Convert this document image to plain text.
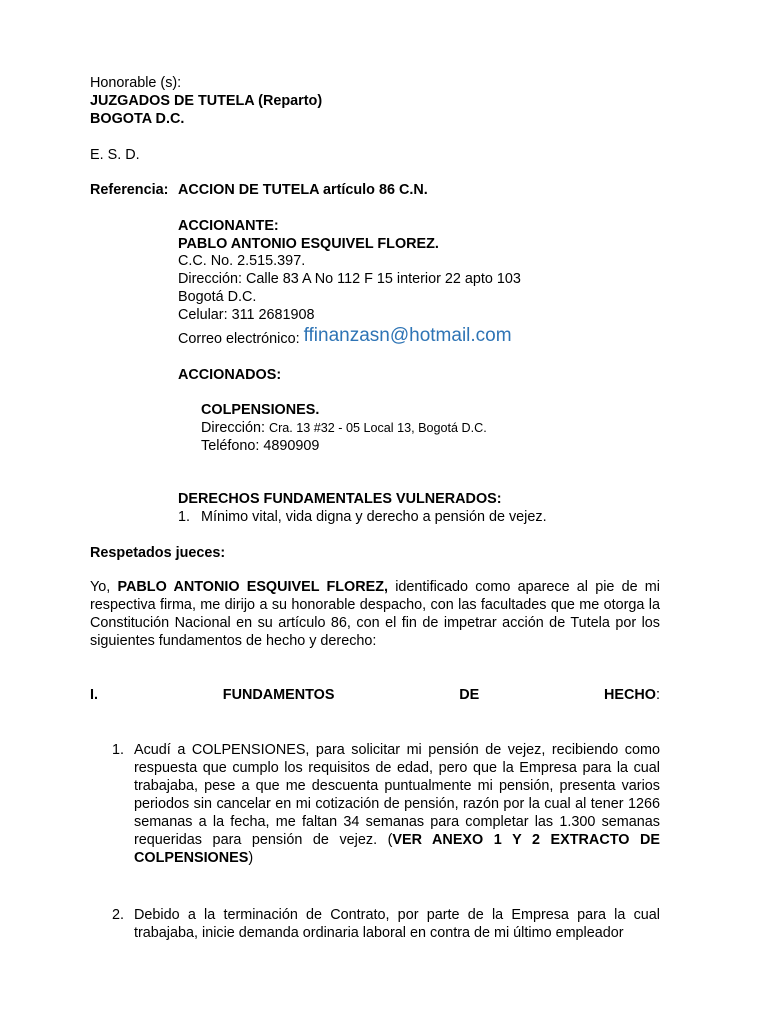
Honorable (s):
JUZGADOS DE TUTELA (Reparto)
BOGOTA D.C.
E. S. D.
Referencia: ACCION DE TUTELA artículo 86 C.N.
ACCIONANTE:
PABLO ANTONIO ESQUIVEL FLOREZ.
C.C. No. 2.515.397.
Dirección: Calle 83 A No 112 F 15 interior 22 apto 103
Bogotá D.C.
Celular: 311 2681908
Correo electrónico: ffinanzasn@hotmail.com
ACCIONADOS:
COLPENSIONES.
Dirección: Cra. 13 #32 - 05 Local 13, Bogotá D.C.
Teléfono: 4890909
DERECHOS FUNDAMENTALES VULNERADOS:
1. Mínimo vital, vida digna y derecho a pensión de vejez.
Respetados jueces:
Yo, PABLO ANTONIO ESQUIVEL FLOREZ, identificado como aparece al pie de mi respectiva firma, me dirijo a su honorable despacho, con las facultades que me otorga la Constitución Nacional en su artículo 86, con el fin de impetrar acción de Tutela por los siguientes fundamentos de hecho y derecho:
I.	FUNDAMENTOS	DE	HECHO:
1. Acudí a COLPENSIONES, para solicitar mi pensión de vejez, recibiendo como respuesta que cumplo los requisitos de edad, pero que la Empresa para la cual trabajaba, pese a que me descuenta puntualmente mi pensión, presenta varios periodos sin cancelar en mi cotización de pensión, razón por la cual al tener 1266 semanas a la fecha, me faltan 34 semanas para completar las 1.300 semanas requeridas para pensión de vejez. (VER ANEXO 1 Y 2 EXTRACTO DE COLPENSIONES)
2. Debido a la terminación de Contrato, por parte de la Empresa para la cual trabajaba, inicie demanda ordinaria laboral en contra de mi último empleador
